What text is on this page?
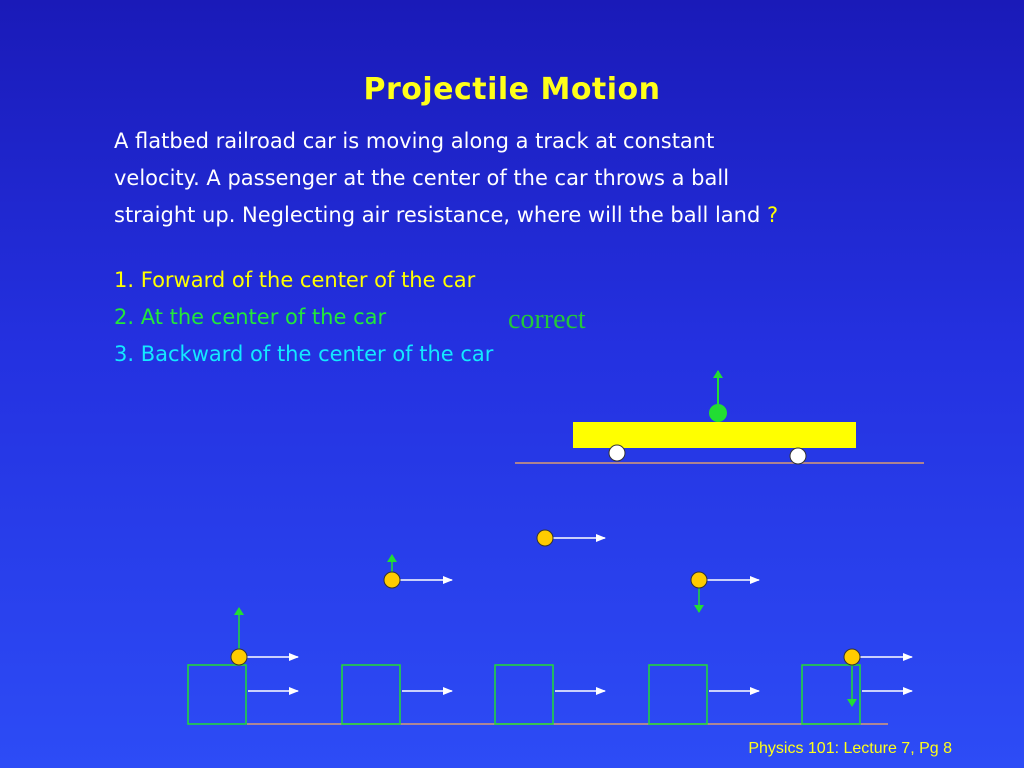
Projectile Motion
A flatbed railroad car is moving along a track at constant
velocity. A passenger at the center of the car throws a ball
straight up. Neglecting air resistance, where will the ball land ?
1. Forward of the center of the car
2. At the center of the car
3. Backward of the center of the car
correct
Physics 101: Lecture 7, Pg 8
